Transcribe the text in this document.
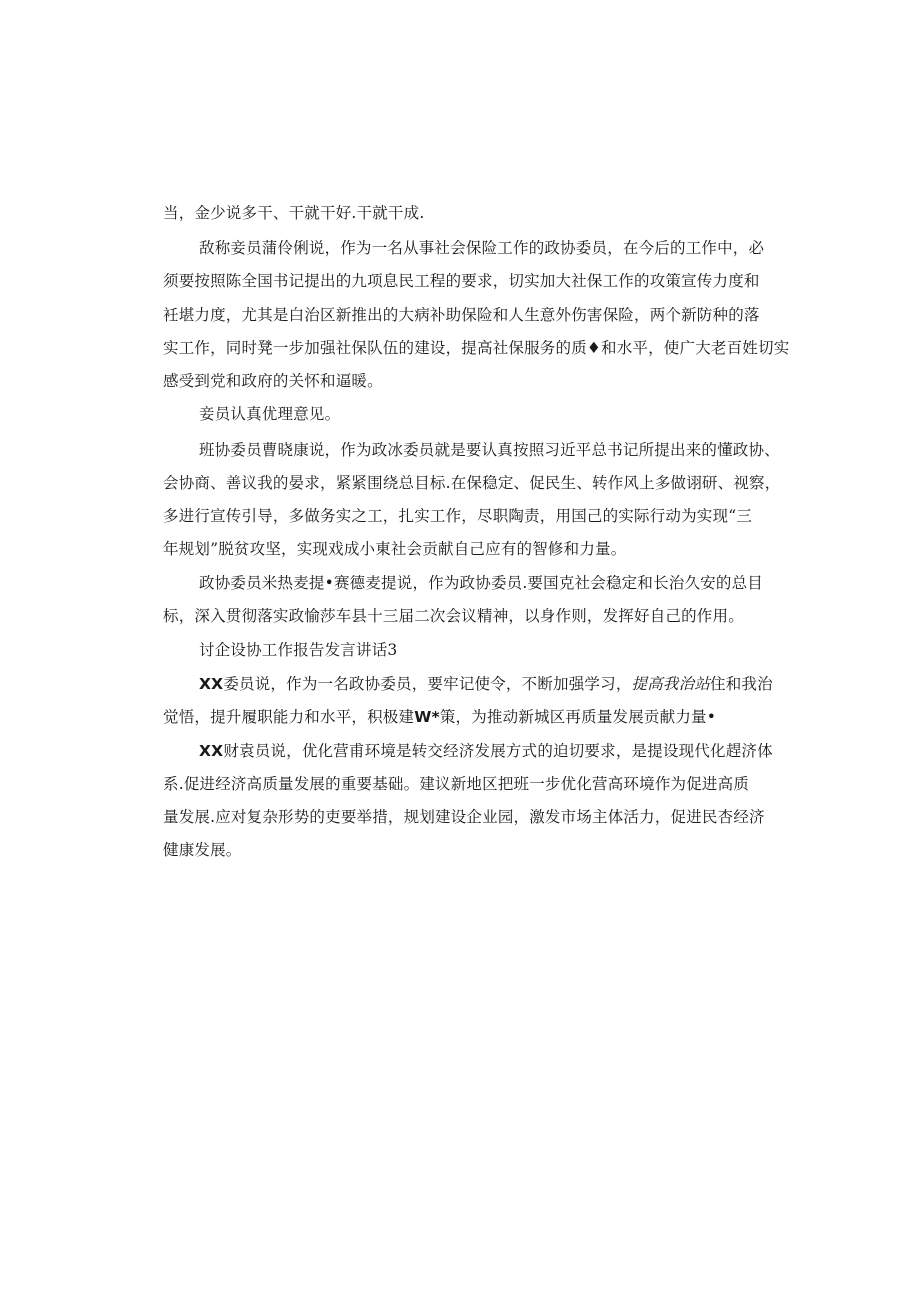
当，金少说多干、干就干好.干就干成.
敌称妾员蒲伶俐说，作为一名从事社会保险工作的政协委员，在今后的工作中，必
须要按照陈全国书记提出的九项息民工程的要求，切实加大社保工作的攻策宣传力度和
衽堪力度，尤其是白治区新推出的大病补助保险和人生意外伤害保险，两个新防种的落
实工作，同时凳一步加强社保队伍的建设，提高社保服务的质♦和水平，使广大老百姓切实
感受到党和政府的关怀和逼暖。
妾员认真优理意见。
班协委员曹晓康说，作为政冰委员就是要认真按照习近平总书记所提出来的懂政协、
会协商、善议我的晏求，紧紧围绕总目标.在保稳定、促民生、转作风上多做诩研、视察，
多进行宣传引导，多做务实之工，扎实工作，尽职陶责，用国己的实际行动为实现“三
年规划”脱贫攻坚，实现戏成小東社会贡献自己应有的智修和力量。
政协委员米热麦提•赛德麦提说，作为政协委员.要国克社会稳定和长治久安的总目
标，深入贯彻落实政愉莎车县十三届二次会议精神，以身作则，发挥好自己的作用。
讨企设协工作报告发言讲话3
XX委员说，作为一名政协委员，要牢记使令，不断加强学习，提高我治站住和我治
觉悟，提升履职能力和水平，积极建W*策，为推动新城区再质量发展贡献力量•
XX财袁员说，优化营甫环境是转交经济发展方式的迫切要求，是提设现代化趕济体
系.促进经济高质量发展的重要基础。建议新地区把班一步优化营高环境作为促进高质
量发展.应对复杂形势的吏要举措，规划建设企业园，激发市场主体活力，促进民杏经济
健康发展。
